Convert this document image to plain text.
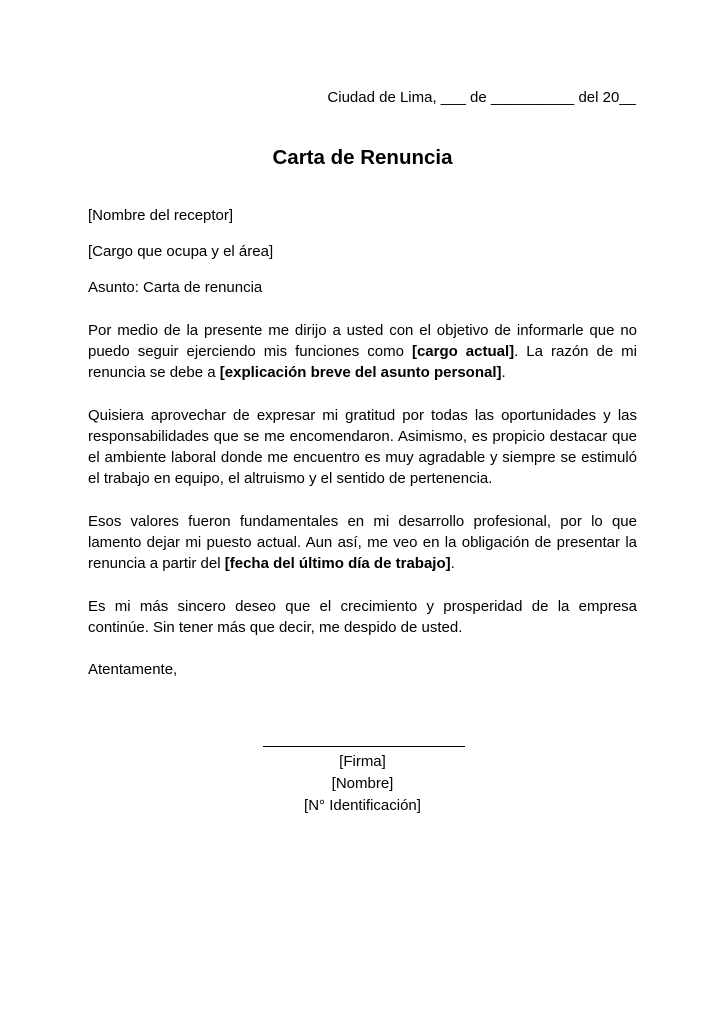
Ciudad de Lima, ___ de __________ del 20__
Carta de Renuncia
[Nombre del receptor]
[Cargo que ocupa y el área]
Asunto: Carta de renuncia
Por medio de la presente me dirijo a usted con el objetivo de informarle que no puedo seguir ejerciendo mis funciones como [cargo actual]. La razón de mi renuncia se debe a [explicación breve del asunto personal].
Quisiera aprovechar de expresar mi gratitud por todas las oportunidades y las responsabilidades que se me encomendaron. Asimismo, es propicio destacar que el ambiente laboral donde me encuentro es muy agradable y siempre se estimuló el trabajo en equipo, el altruismo y el sentido de pertenencia.
Esos valores fueron fundamentales en mi desarrollo profesional, por lo que lamento dejar mi puesto actual. Aun así, me veo en la obligación de presentar la renuncia a partir del [fecha del último día de trabajo].
Es mi más sincero deseo que el crecimiento y prosperidad de la empresa continúe. Sin tener más que decir, me despido de usted.
Atentamente,
[Firma]
[Nombre]
[N° Identificación]
